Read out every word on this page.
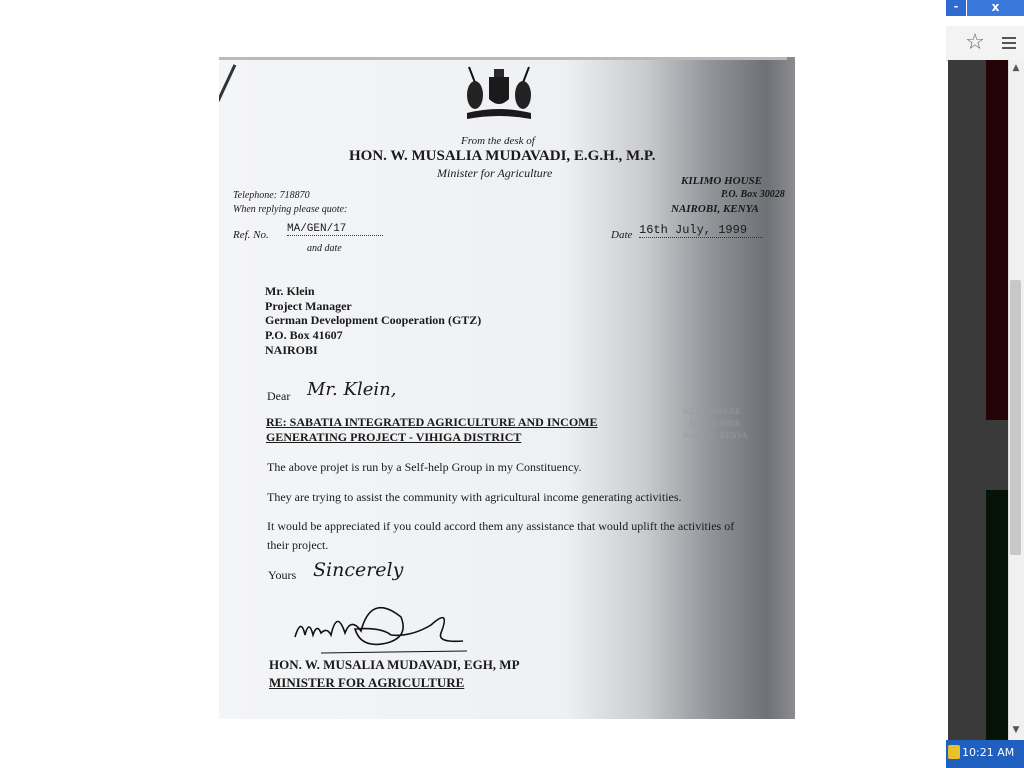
-	x
☆
▲
▼
10:21 AM
From the desk of
HON. W. MUSALIA MUDAVADI, E.G.H., M.P.
Minister for Agriculture
Telephone: 718870
When replying please quote:
Ref. No. MA/GEN/17
and date
KILIMO HOUSE
P.O. Box 30028
NAIROBI, KENYA
Date 16th July, 1999
Mr. Klein
Project Manager
German Development Cooperation (GTZ)
P.O. Box 41607
NAIROBI
Dear Mr. Klein,
RE: SABATIA INTEGRATED AGRICULTURE AND INCOME
GENERATING PROJECT - VIHIGA DISTRICT
The above projet is run by a Self-help Group in my Constituency.
They are trying to assist the community with agricultural income generating activities.
It would be appreciated if you could accord them any assistance that would uplift the activities of
their project.
Yours Sincerely
HON. W. MUSALIA MUDAVADI, EGH, MP
MINISTER FOR AGRICULTURE
KILIMO HOUSE
P.O. Box 30028
NAIROBI, KENYA
